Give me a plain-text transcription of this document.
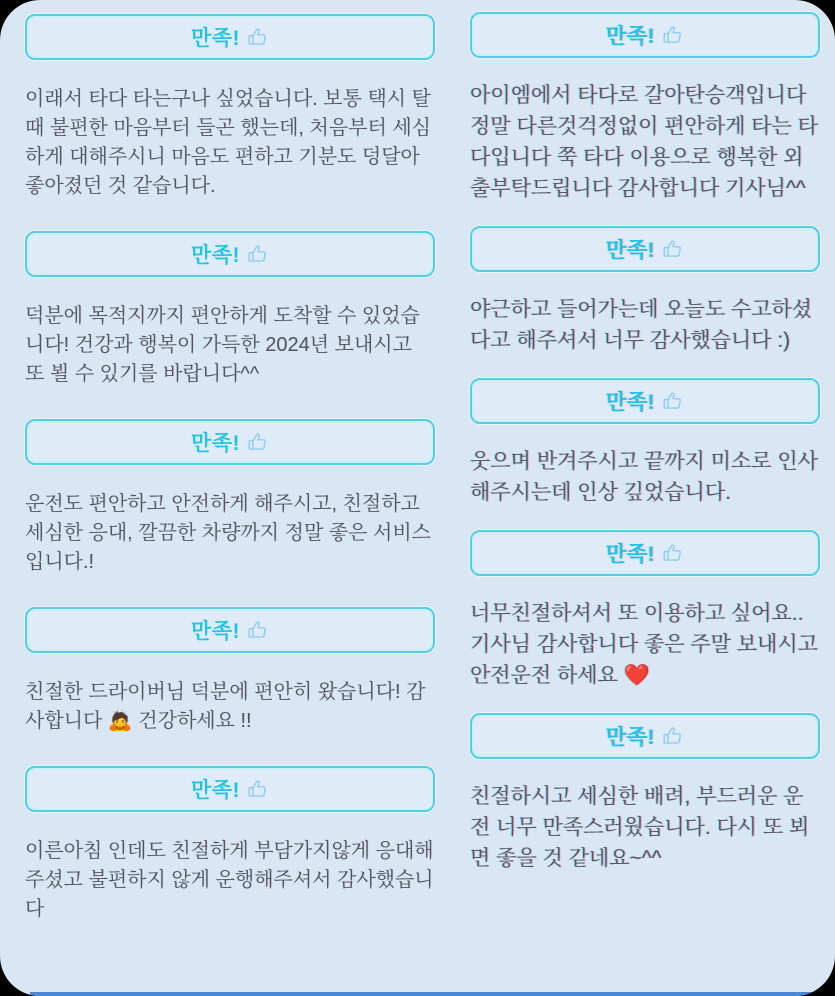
만족!

이래서 타다 타는구나 싶었습니다. 보통 택시 탈 때 불편한 마음부터 들곤 했는데, 처음부터 세심하게 대해주시니 마음도 편하고 기분도 덩달아 좋아졌던 것 같습니다.

만족!

덕분에 목적지까지 편안하게 도착할 수 있었습니다! 건강과 행복이 가득한 2024년 보내시고 또 뵐 수 있기를 바랍니다^^

만족!

운전도 편안하고 안전하게 해주시고, 친절하고 세심한 응대, 깔끔한 차량까지 정말 좋은 서비스입니다.!

만족!

친절한 드라이버님 덕분에 편안히 왔습니다! 감사합니다 🙇 건강하세요 !!

만족!

이른아침 인데도 친절하게 부담가지않게 응대해주셨고 불편하지 않게 운행해주셔서 감사했습니다

만족!

아이엠에서 타다로 갈아탄승객입니다 정말 다른것걱정없이 편안하게 타는 타다입니다 쭉 타다 이용으로 행복한 외출부탁드립니다 감사합니다 기사님^^

만족!

야근하고 들어가는데 오늘도 수고하셨다고 해주셔서 너무 감사했습니다 :)

만족!

웃으며 반겨주시고 끝까지 미소로 인사해주시는데 인상 깊었습니다.

만족!

너무친절하셔서 또 이용하고 싶어요.. 기사님 감사합니다 좋은 주말 보내시고 안전운전 하세요 ❤️

만족!

친절하시고 세심한 배려, 부드러운 운전 너무 만족스러웠습니다. 다시 또 뵈면 좋을 것 같네요~^^
